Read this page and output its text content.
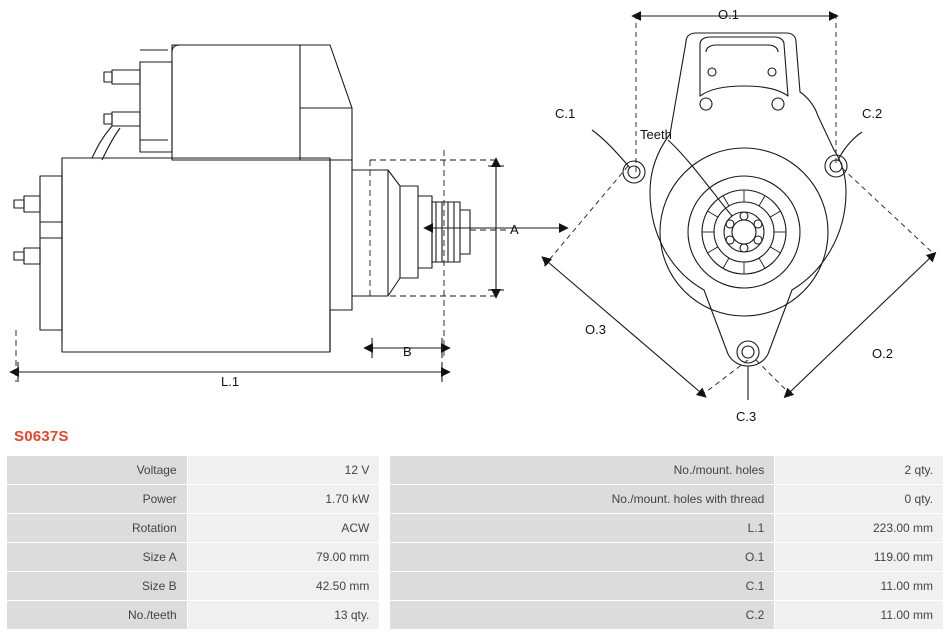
A
B
L.1
O.1
O.3
O.2
C.1	C.2
C.3
Teeth
S0637S
Voltage	12 V		No./mount. holes	2 qty.
Power	1.70 kW		No./mount. holes with thread	0 qty.
Rotation	ACW		L.1	223.00 mm
Size A	79.00 mm		O.1	119.00 mm
Size B	42.50 mm		C.1	11.00 mm
No./teeth	13 qty.		C.2	11.00 mm
